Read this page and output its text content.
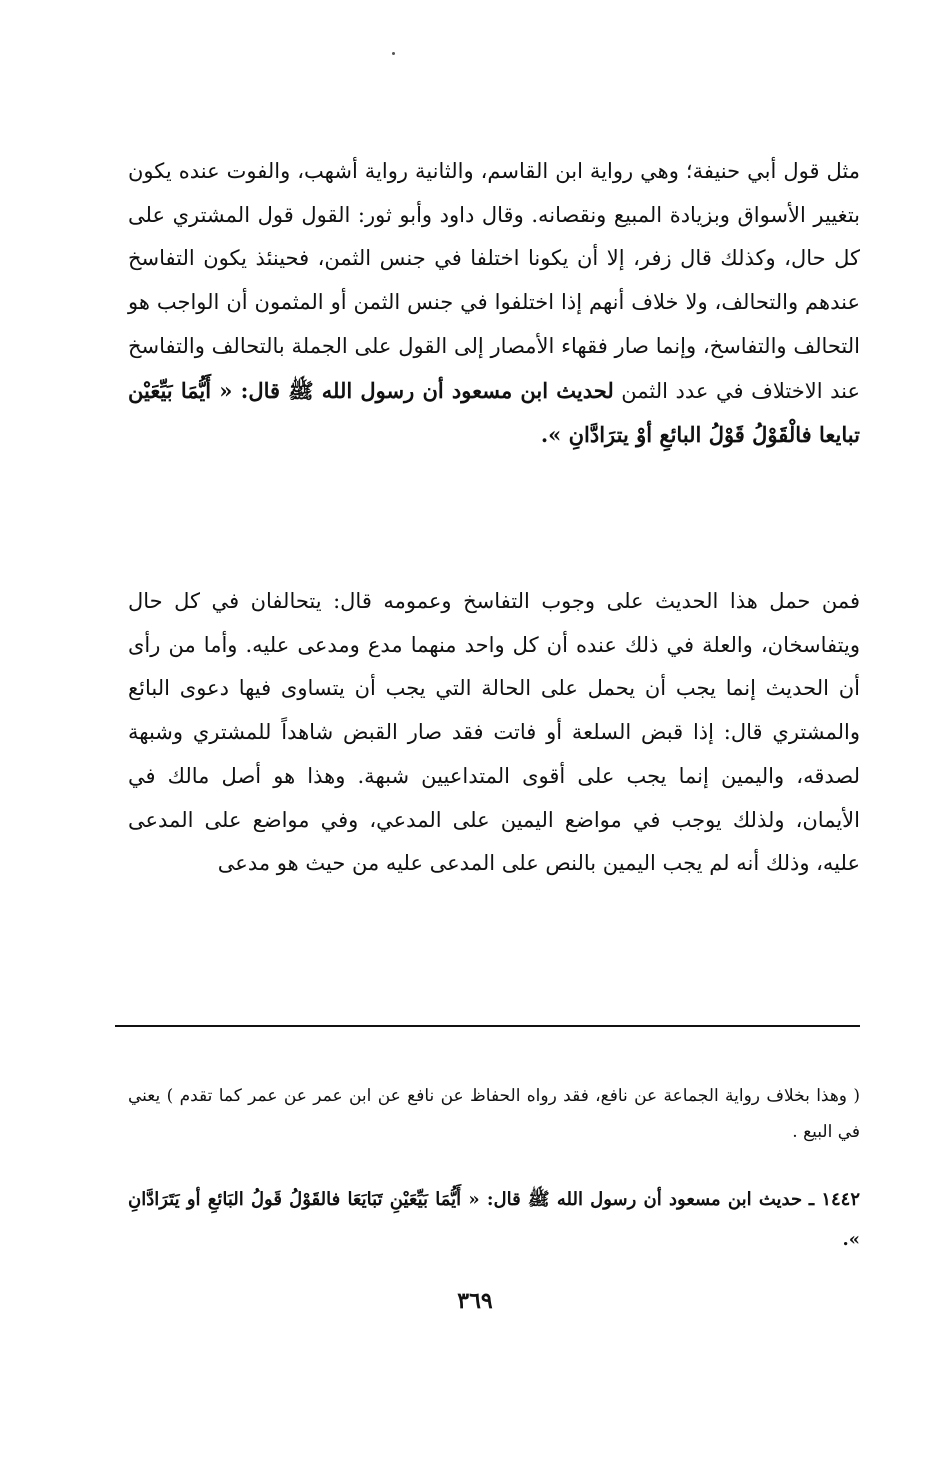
مثل قول أبي حنيفة؛ وهي رواية ابن القاسم، والثانية رواية أشهب، والفوت عنده يكون بتغيير الأسواق وبزيادة المبيع ونقصانه. وقال داود وأبو ثور: القول قول المشتري على كل حال، وكذلك قال زفر، إلا أن يكونا اختلفا في جنس الثمن، فحينئذ يكون التفاسخ عندهم والتحالف، ولا خلاف أنهم إذا اختلفوا في جنس الثمن أو المثمون أن الواجب هو التحالف والتفاسخ، وإنما صار فقهاء الأمصار إلى القول على الجملة بالتحالف والتفاسخ عند الاختلاف في عدد الثمن لحديث ابن مسعود أن رسول الله ﷺ قال: « أَيُّمَا بَيِّعَيْن تبايعا فالْقَوْلُ قَوْلُ البائعِ أوْ يترَادَّانِ ».

فمن حمل هذا الحديث على وجوب التفاسخ وعمومه قال: يتحالفان في كل حال ويتفاسخان، والعلة في ذلك عنده أن كل واحد منهما مدع ومدعى عليه. وأما من رأى أن الحديث إنما يجب أن يحمل على الحالة التي يجب أن يتساوى فيها دعوى البائع والمشتري قال: إذا قبض السلعة أو فاتت فقد صار القبض شاهداً للمشتري وشبهة لصدقه، واليمين إنما يجب على أقوى المتداعيين شبهة. وهذا هو أصل مالك في الأيمان، ولذلك يوجب في مواضع اليمين على المدعي، وفي مواضع على المدعى عليه، وذلك أنه لم يجب اليمين بالنص على المدعى عليه من حيث هو مدعى

( وهذا بخلاف رواية الجماعة عن نافع، فقد رواه الحفاظ عن نافع عن ابن عمر عن عمر كما تقدم ) يعني في البيع .

١٤٤٢ ـ حديث ابن مسعود أن رسول الله ﷺ قال: « أَيُّمَا بَيِّعَيْنِ تَبَايَعَا فالقَوْلُ قَولُ البَائعِ أو يَتَرَادَّانِ ».

٣٦٩
